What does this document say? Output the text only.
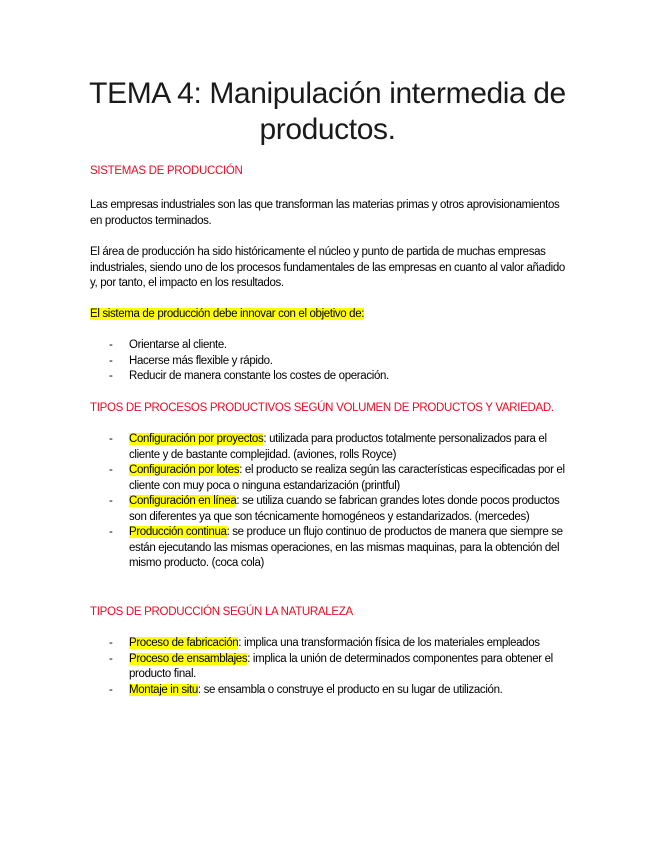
TEMA 4: Manipulación intermedia de productos.

SISTEMAS DE PRODUCCIÓN

Las empresas industriales son las que transforman las materias primas y otros aprovisionamientos en productos terminados.

El área de producción ha sido históricamente el núcleo y punto de partida de muchas empresas industriales, siendo uno de los procesos fundamentales de las empresas en cuanto al valor añadido y, por tanto, el impacto en los resultados.

El sistema de producción debe innovar con el objetivo de:

- Orientarse al cliente.
- Hacerse más flexible y rápido.
- Reducir de manera constante los costes de operación.

TIPOS DE PROCESOS PRODUCTIVOS SEGÚN VOLUMEN DE PRODUCTOS Y VARIEDAD.

- Configuración por proyectos: utilizada para productos totalmente personalizados para el cliente y de bastante complejidad. (aviones, rolls Royce)
- Configuración por lotes: el producto se realiza según las características especificadas por el cliente con muy poca o ninguna estandarización (printful)
- Configuración en línea: se utiliza cuando se fabrican grandes lotes donde pocos productos son diferentes ya que son técnicamente homogéneos y estandarizados. (mercedes)
- Producción continua: se produce un flujo continuo de productos de manera que siempre se están ejecutando las mismas operaciones, en las mismas maquinas, para la obtención del mismo producto. (coca cola)

TIPOS DE PRODUCCIÓN SEGÚN LA NATURALEZA

- Proceso de fabricación: implica una transformación física de los materiales empleados
- Proceso de ensamblajes: implica la unión de determinados componentes para obtener el producto final.
- Montaje in situ: se ensambla o construye el producto en su lugar de utilización.
